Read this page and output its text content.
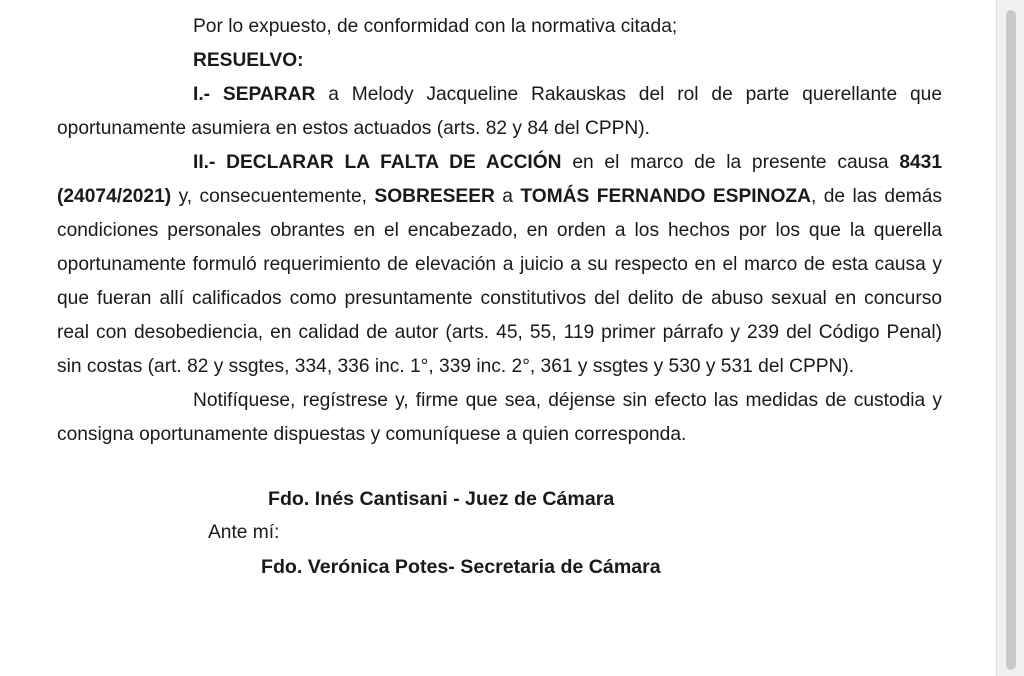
Por lo expuesto, de conformidad con la normativa citada;

RESUELVO:

I.- SEPARAR a Melody Jacqueline Rakauskas del rol de parte querellante que oportunamente asumiera en estos actuados (arts. 82 y 84 del CPPN).

II.- DECLARAR LA FALTA DE ACCIÓN en el marco de la presente causa 8431 (24074/2021) y, consecuentemente, SOBRESEER a TOMÁS FERNANDO ESPINOZA, de las demás condiciones personales obrantes en el encabezado, en orden a los hechos por los que la querella oportunamente formuló requerimiento de elevación a juicio a su respecto en el marco de esta causa y que fueran allí calificados como presuntamente constitutivos del delito de abuso sexual en concurso real con desobediencia, en calidad de autor (arts. 45, 55, 119 primer párrafo y 239 del Código Penal) sin costas (art. 82 y ssgtes, 334, 336 inc. 1°, 339 inc. 2°, 361 y ssgtes y 530 y 531 del CPPN).

Notifíquese, regístrese y, firme que sea, déjense sin efecto las medidas de custodia y consigna oportunamente dispuestas y comuníquese a quien corresponda.

Fdo. Inés Cantisani - Juez de Cámara

Ante mí:

Fdo. Verónica Potes- Secretaria de Cámara
